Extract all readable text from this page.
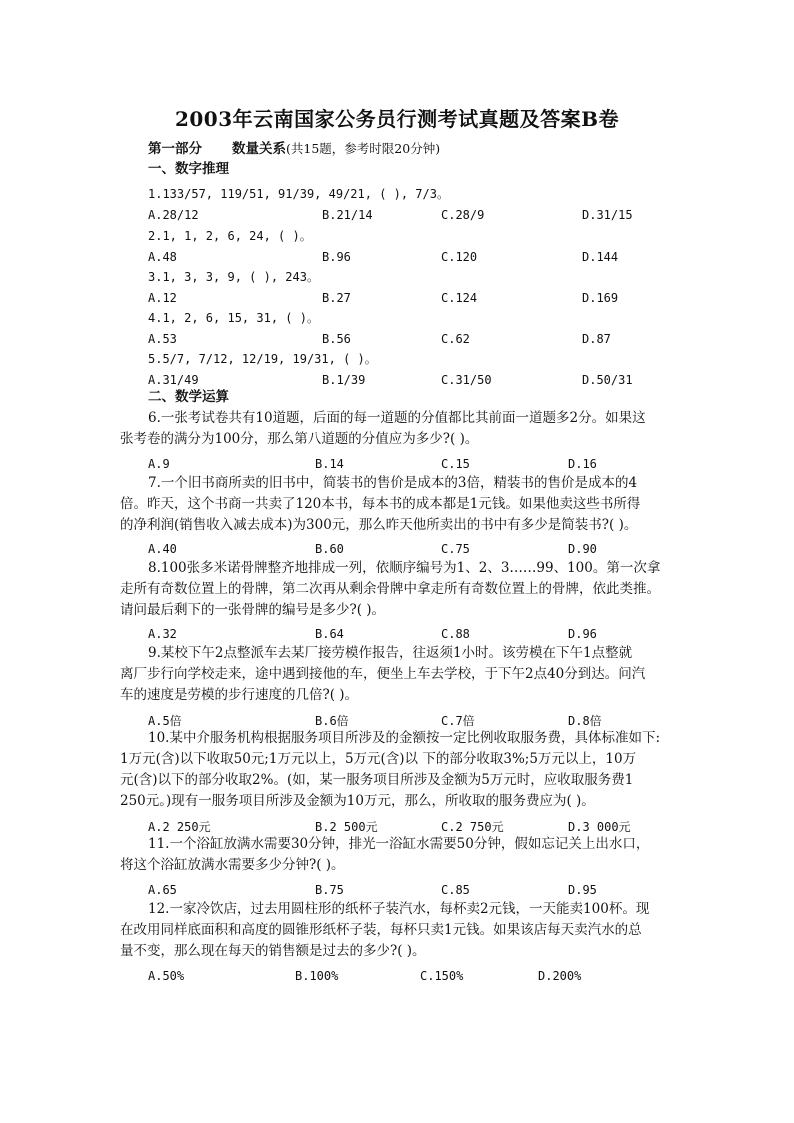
2003年云南国家公务员行测考试真题及答案B卷
第一部分 数量关系(共15题，参考时限20分钟)
一、数字推理
1.133/57, 119/51, 91/39, 49/21, ( ), 7/3。
A.28/12	B.21/14	C.28/9	D.31/15
2.1, 1, 2, 6, 24, ( )。
A.48	B.96	C.120	D.144
3.1, 3, 3, 9, ( ), 243。
A.12	B.27	C.124	D.169
4.1, 2, 6, 15, 31, ( )。
A.53	B.56	C.62	D.87
5.5/7, 7/12, 12/19, 19/31, ( )。
A.31/49	B.1/39	C.31/50	D.50/31
二、数学运算
6.一张考试卷共有10道题，后面的每一道题的分值都比其前面一道题多2分。如果这
张考卷的满分为100分，那么第八道题的分值应为多少?( )。
A.9	B.14	C.15	D.16
7.一个旧书商所卖的旧书中，简装书的售价是成本的3倍，精装书的售价是成本的4
倍。昨天，这个书商一共卖了120本书，每本书的成本都是1元钱。如果他卖这些书所得
的净利润(销售收入减去成本)为300元，那么昨天他所卖出的书中有多少是简装书?( )。
A.40	B.60	C.75	D.90
8.100张多米诺骨牌整齐地排成一列，依顺序编号为1、2、3……99、100。第一次拿
走所有奇数位置上的骨牌，第二次再从剩余骨牌中拿走所有奇数位置上的骨牌，依此类推。
请问最后剩下的一张骨牌的编号是多少?( )。
A.32	B.64	C.88	D.96
9.某校下午2点整派车去某厂接劳模作报告，往返须1小时。该劳模在下午1点整就
离厂步行向学校走来，途中遇到接他的车，便坐上车去学校，于下午2点40分到达。问汽
车的速度是劳模的步行速度的几倍?( )。
A.5倍	B.6倍	C.7倍	D.8倍
10.某中介服务机构根据服务项目所涉及的金额按一定比例收取服务费，具体标准如下:
1万元(含)以下收取50元;1万元以上，5万元(含)以 下的部分收取3%;5万元以上，10万
元(含)以下的部分收取2%。(如，某一服务项目所涉及金额为5万元时，应收取服务费1
250元。)现有一服务项目所涉及金额为10万元，那么，所收取的服务费应为( )。
A.2 250元	B.2 500元	C.2 750元	D.3 000元
11.一个浴缸放满水需要30分钟，排光一浴缸水需要50分钟，假如忘记关上出水口，
将这个浴缸放满水需要多少分钟?( )。
A.65	B.75	C.85	D.95
12.一家冷饮店，过去用圆柱形的纸杯子装汽水，每杯卖2元钱，一天能卖100杯。现
在改用同样底面积和高度的圆锥形纸杯子装，每杯只卖1元钱。如果该店每天卖汽水的总
量不变，那么现在每天的销售额是过去的多少?( )。
A.50%	B.100%	C.150%	D.200%
